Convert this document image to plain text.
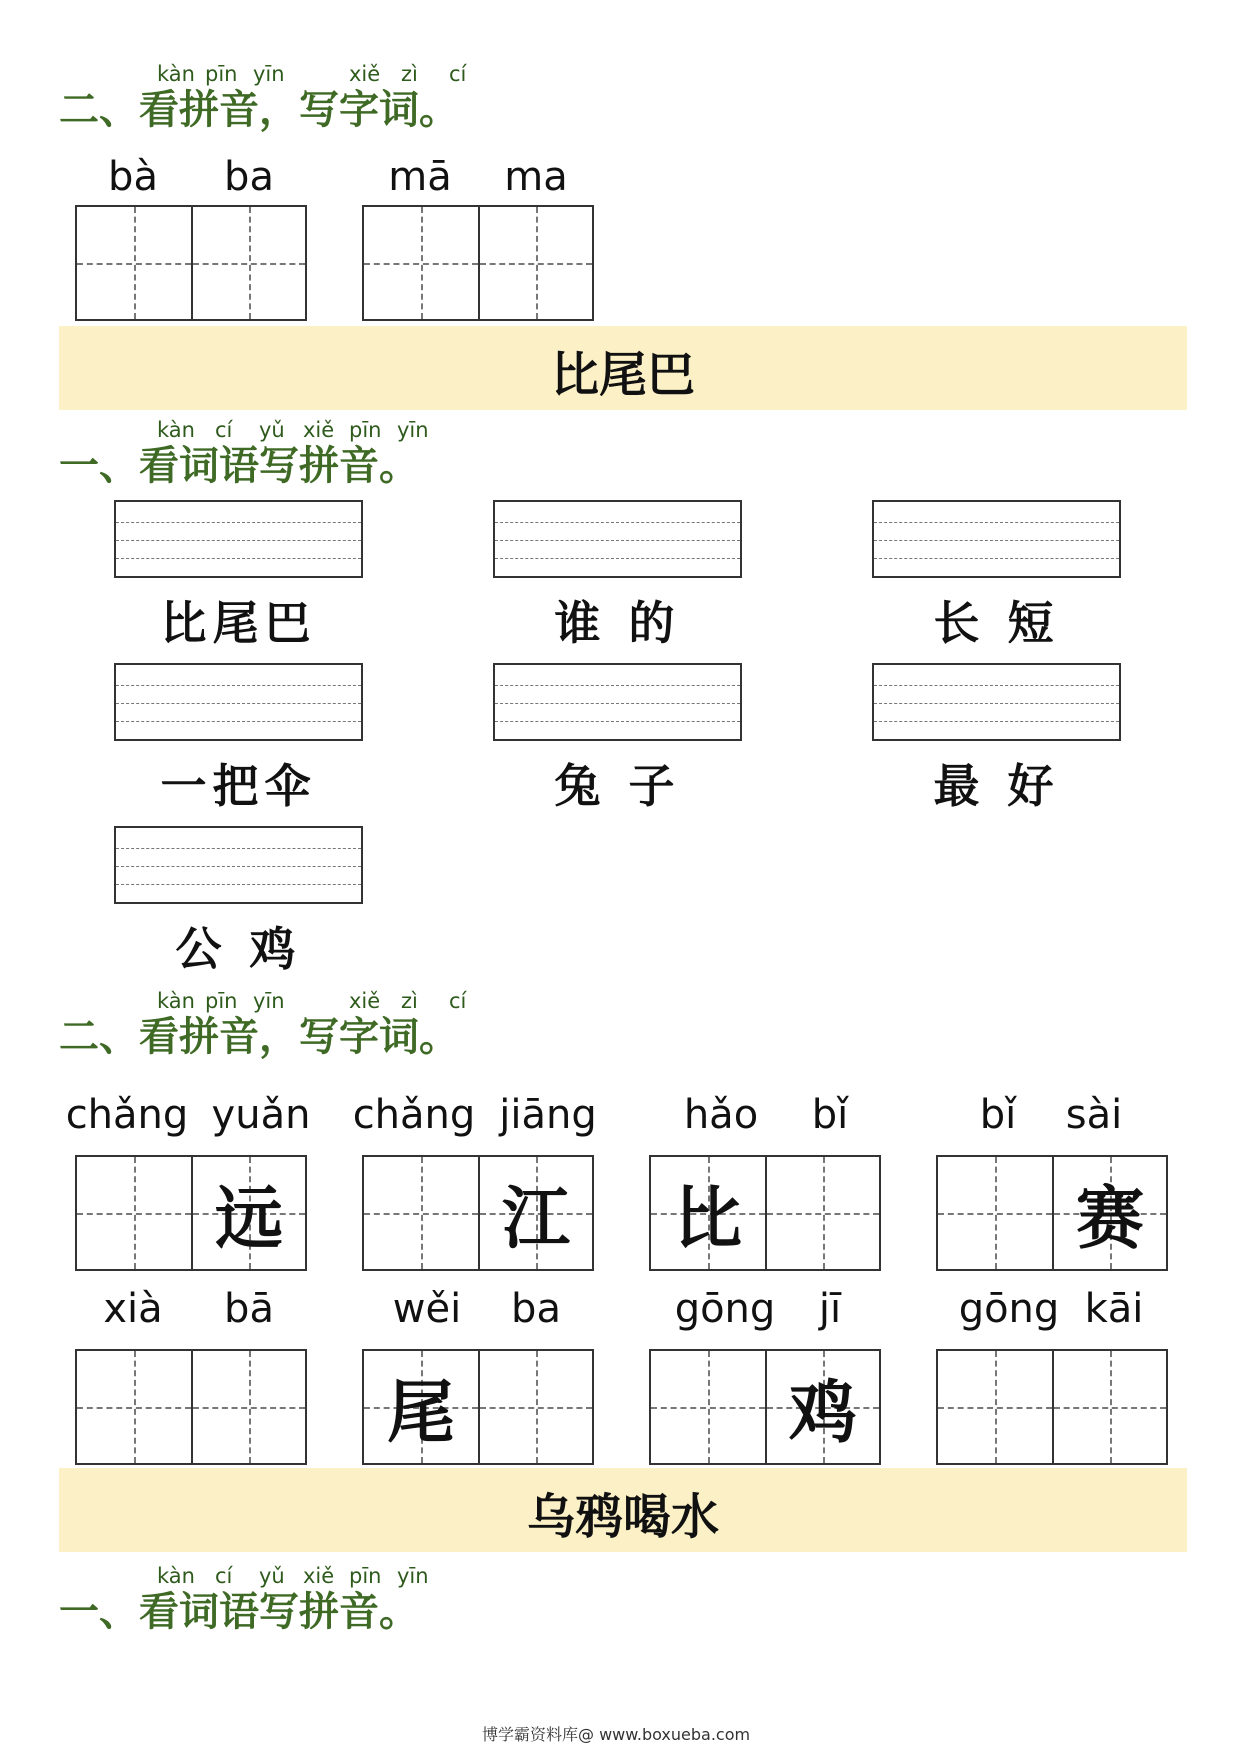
kàn pīn yīn	xiě zì cí
二、看拼音，写字词。
bà	ba	mā	ma
比尾巴
kàn cí yǔ xiě pīn yīn
一、看词语写拼音。
比尾巴	谁 的	长 短
一把伞	兔 子	最 好
公 鸡
kàn pīn yīn	xiě zì cí
二、看拼音，写字词。
chǎng yuǎn
远
chǎng jiāng
江
hǎo	bǐ
比
bǐ	sài
赛
xià	bā	wěi	ba
尾
gōng	jī
鸡
gōng kāi
乌鸦喝水
kàn cí yǔ xiě pīn yīn
一、看词语写拼音。
博学霸资料库@ www.boxueba.com
